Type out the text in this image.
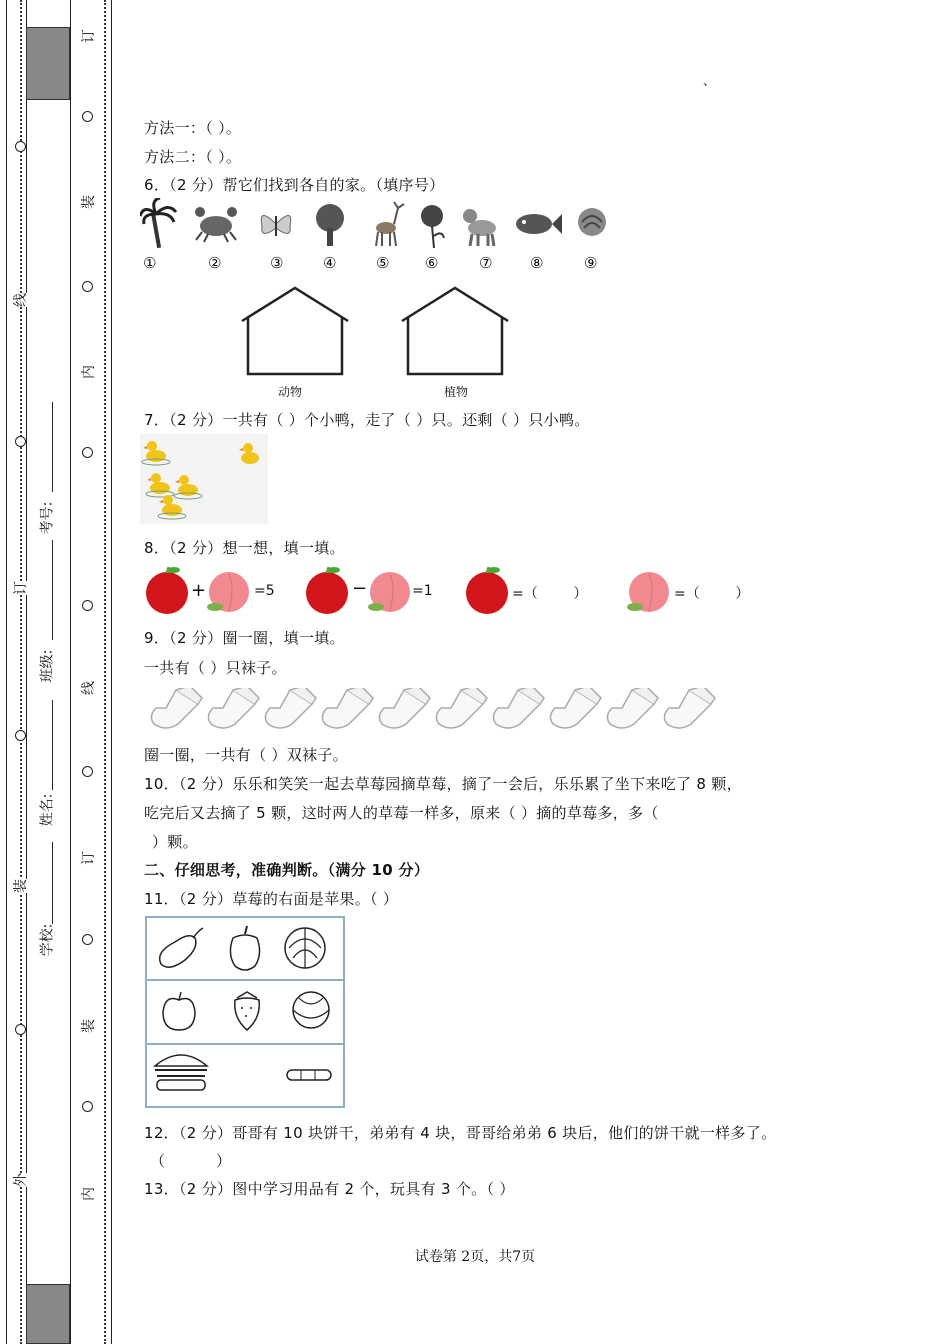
线
订
装
外
订
装
内
线
订
装
内
考号:
班级:
姓名:
学校:
、
方法一：（ ）。
方法二：（ ）。
6．（2 分）帮它们找到各自的家。（填序号）
①	②	③	④	⑤ ⑥	⑦	⑧	⑨
动物	植物
7．（2 分）一共有（ ）个小鸭，走了（ ）只。还剩（ ）只小鸭。
8．（2 分）想一想，填一填。
+	=5	−	=1	=（        ）	=（        ）
9．（2 分）圈一圈，填一填。
一共有（ ）只袜子。
圈一圈，一共有（ ）双袜子。
10．（2 分）乐乐和笑笑一起去草莓园摘草莓，摘了一会后，乐乐累了坐下来吃了 8 颗，
吃完后又去摘了 5 颗，这时两人的草莓一样多，原来（ ）摘的草莓多，多（
）颗。
二、仔细思考，准确判断。（满分 10 分）
11．（2 分）草莓的右面是苹果。（ ）
12．（2 分）哥哥有 10 块饼干，弟弟有 4 块，哥哥给弟弟 6 块后，他们的饼干就一样多了。
（          ）
13．（2 分）图中学习用品有 2 个，玩具有 3 个。（ ）
试卷第 2页，共7页
